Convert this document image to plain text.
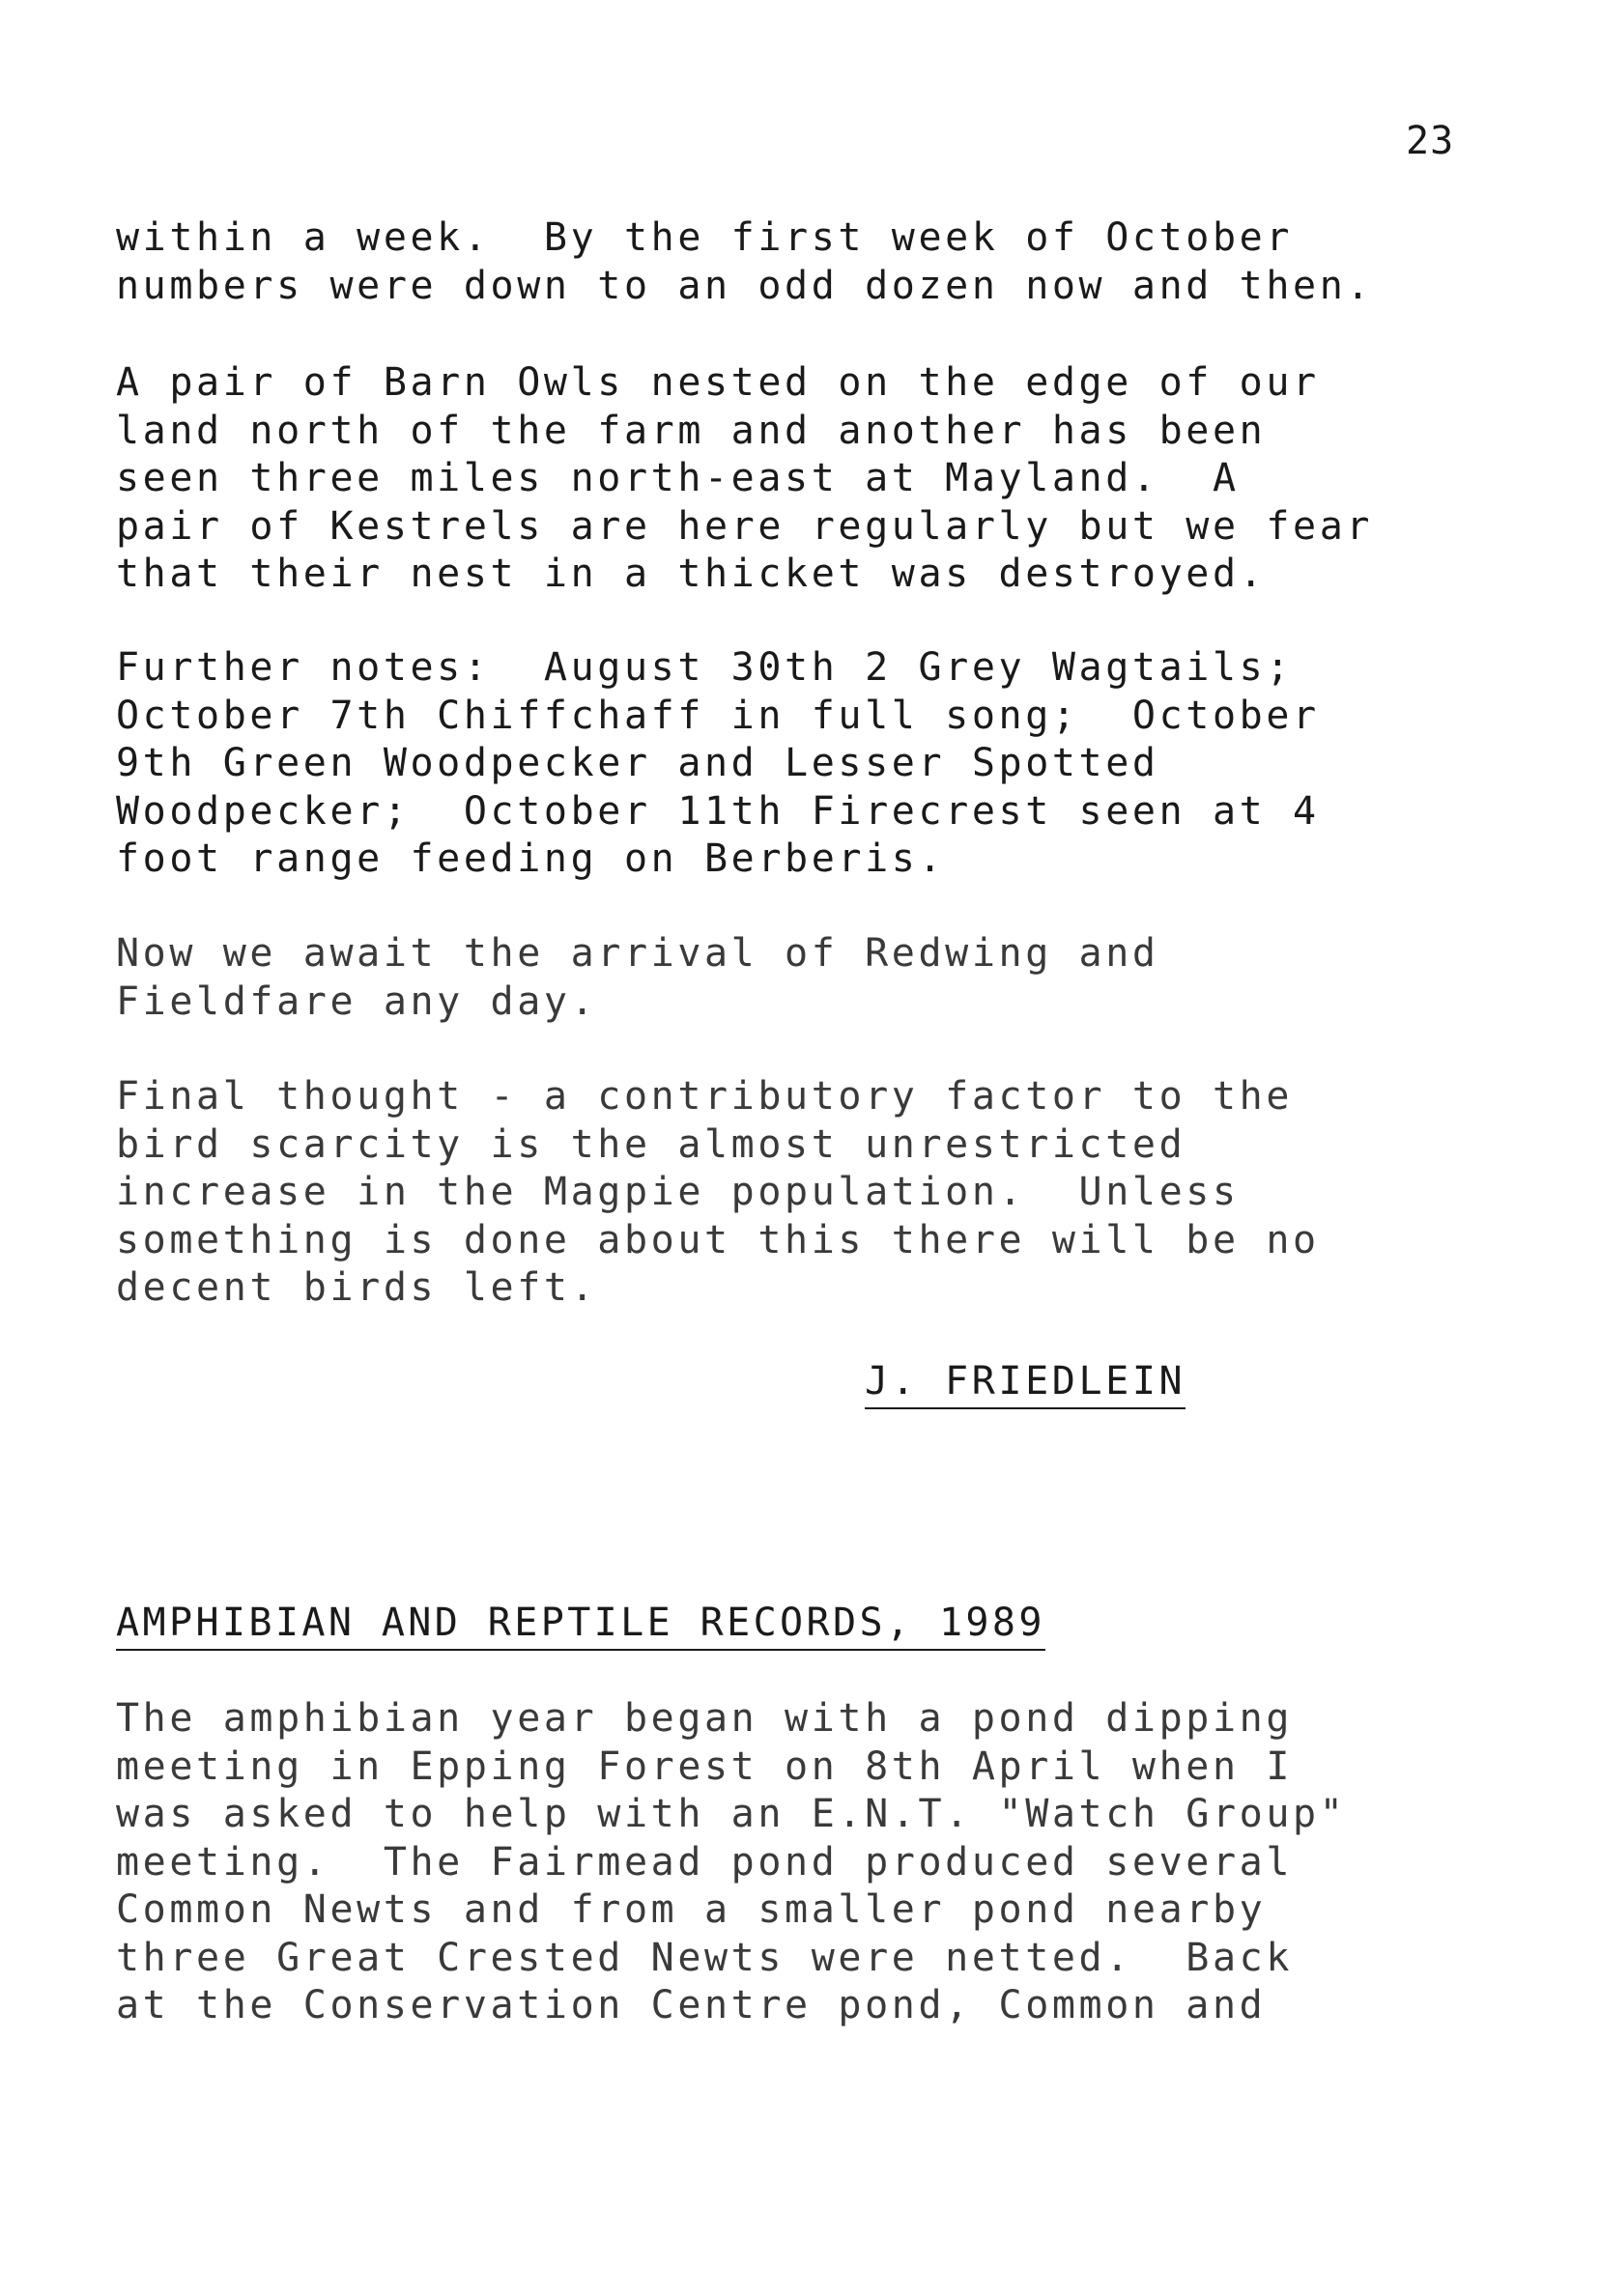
23

within a week.  By the first week of October
numbers were down to an odd dozen now and then.

A pair of Barn Owls nested on the edge of our
land north of the farm and another has been
seen three miles north-east at Mayland.  A
pair of Kestrels are here regularly but we fear
that their nest in a thicket was destroyed.

Further notes:  August 30th 2 Grey Wagtails;
October 7th Chiffchaff in full song;  October
9th Green Woodpecker and Lesser Spotted
Woodpecker;  October 11th Firecrest seen at 4
foot range feeding on Berberis.

Now we await the arrival of Redwing and
Fieldfare any day.

Final thought - a contributory factor to the
bird scarcity is the almost unrestricted
increase in the Magpie population.  Unless
something is done about this there will be no
decent birds left.

J. FRIEDLEIN
AMPHIBIAN AND REPTILE RECORDS, 1989

The amphibian year began with a pond dipping
meeting in Epping Forest on 8th April when I
was asked to help with an E.N.T. "Watch Group"
meeting.  The Fairmead pond produced several
Common Newts and from a smaller pond nearby
three Great Crested Newts were netted.  Back
at the Conservation Centre pond, Common and
